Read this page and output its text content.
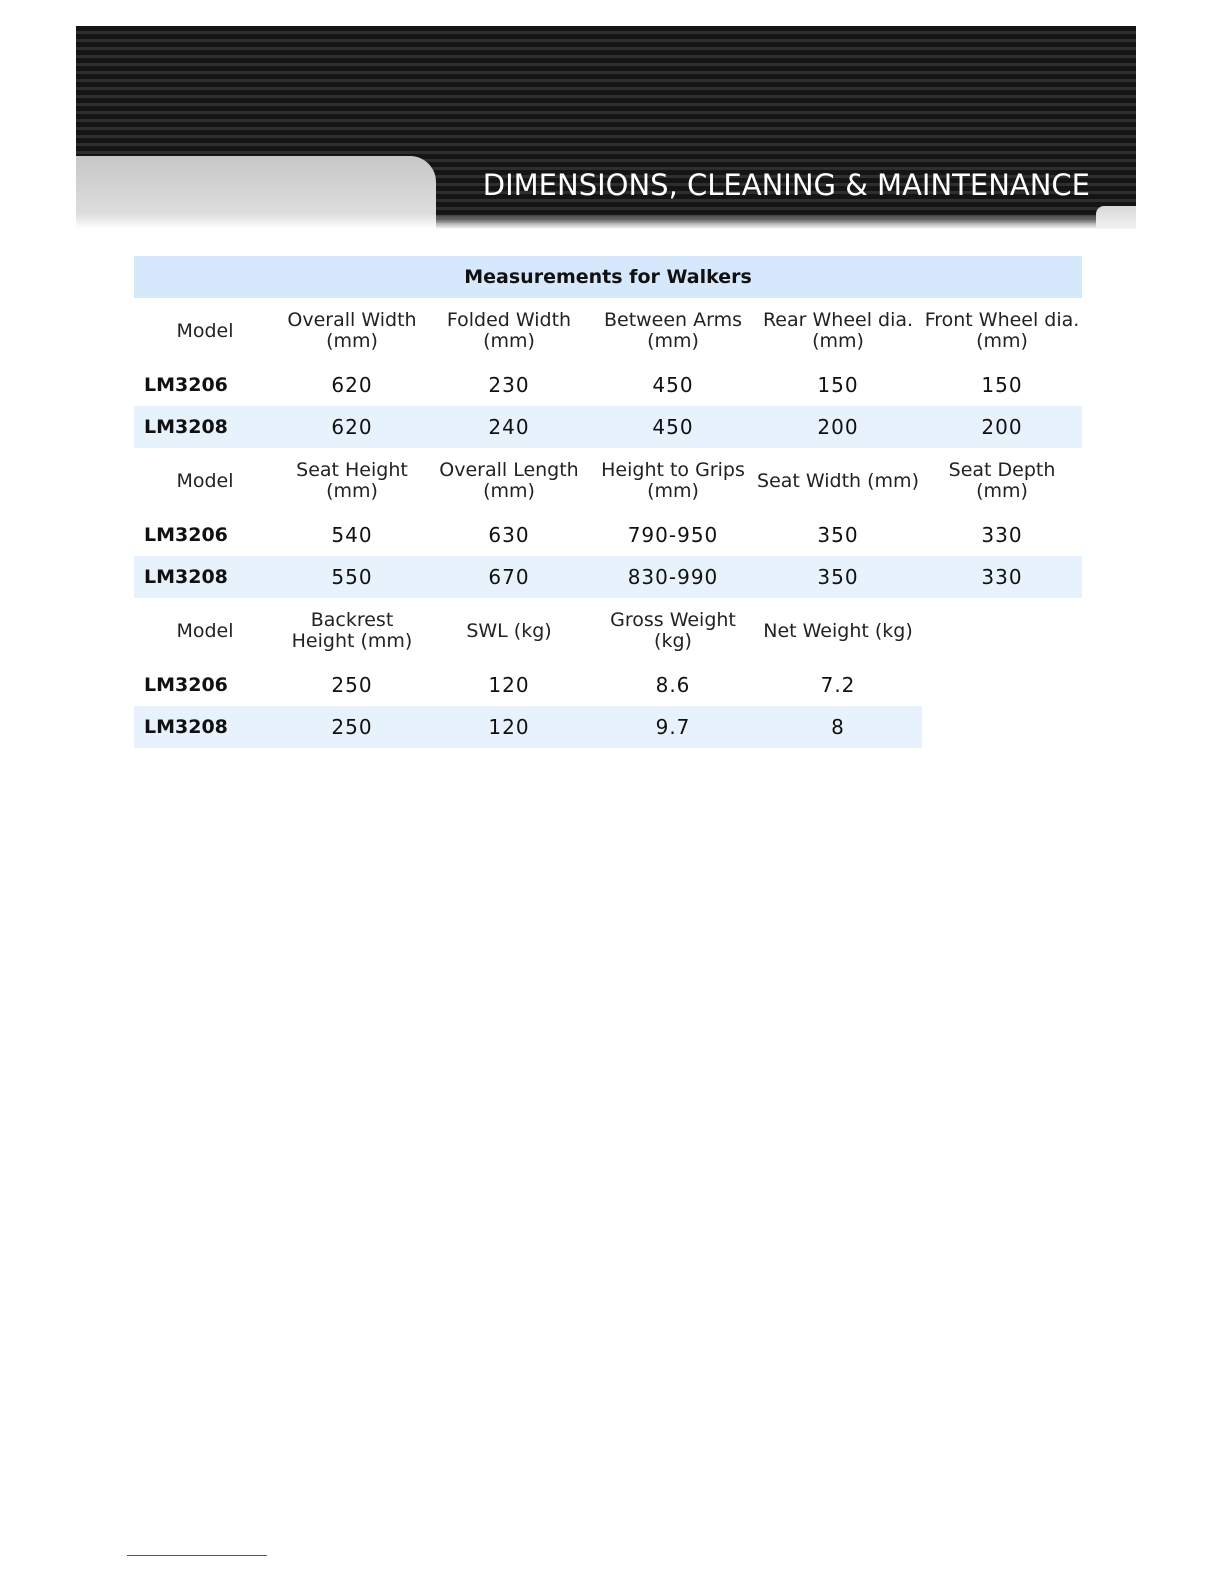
DIMENSIONS, CLEANING & MAINTENANCE
Measurements for Walkers					
Model	Overall Width (mm)	Folded Width (mm)	Between Arms (mm)	Rear Wheel dia. (mm)	Front Wheel dia. (mm)
LM3206	620	230	450	150	150
LM3208	620	240	450	200	200
Model	Seat Height (mm)	Overall Length (mm)	Height to Grips (mm)	Seat Width (mm)	Seat Depth (mm)
LM3206	540	630	790-950	350	330
LM3208	550	670	830-990	350	330
Model	Backrest Height (mm)	SWL (kg)	Gross Weight (kg)	Net Weight (kg)	
LM3206	250	120	8.6	7.2	
LM3208	250	120	9.7	8	
